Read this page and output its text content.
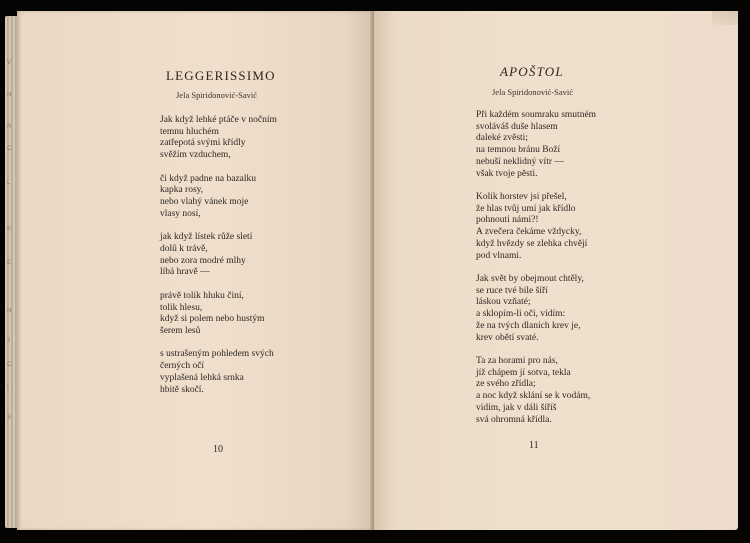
V
N
R
C
L
K
E
N
J
C
I
S
LEGGERISSIMO
Jela Spiridonović-Savić
Jak když lehké ptáče v nočním
temnu hluchém
zatřepotá svými křídly
svěžím vzduchem,
či když padne na bazalku
kapka rosy,
nebo vlahý vánek moje
vlasy nosí,
jak když lístek růže sletí
dolů k trávě,
nebo zora modré mlhy
líbá hravě —
právě tolik hluku činí,
tolik hlesu,
když si polem nebo hustým
šerem lesů
s ustrašeným pohledem svých
černých očí
vyplašená lehká srnka
hbitě skočí.
10
APOŠTOL
Jela Spiridonović-Savić
Při každém soumraku smutném
svoláváš duše hlasem
daleké zvěsti;
na temnou bránu Boží
nebuší neklidný vítr —
však tvoje pěsti.
Kolik horstev jsi přešel,
že hlas tvůj umí jak křídlo
pohnouti námi?!
A zvečera čekáme vždycky,
když hvězdy se zlehka chvějí
pod vlnami.
Jak svět by obejmout chtěly,
se ruce tvé bíle šíří
láskou vzňaté;
a sklopím-li oči, vidím:
že na tvých dlaních krev je,
krev obětí svaté.
Ta za horami pro nás,
jíž chápem jí sotva, tekla
ze svého zřídla;
a noc když sklání se k vodám,
vidím, jak v dáli šíříš
svá ohromná křídla.
11
